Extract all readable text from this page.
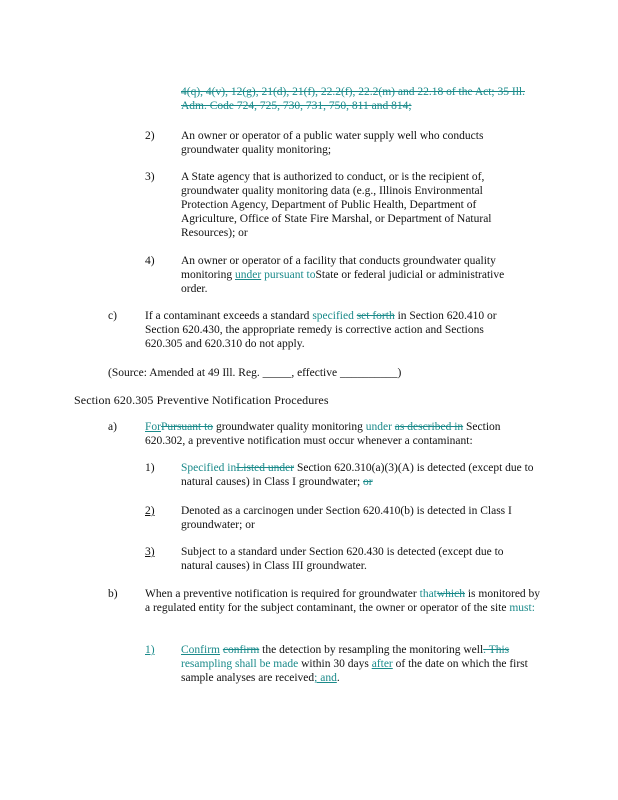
4(q), 4(v), 12(g), 21(d), 21(f), 22.2(f), 22.2(m) and 22.18 of the Act; 35 Ill.
Adm. Code 724, 725, 730, 731, 750, 811 and 814;
2) An owner or operator of a public water supply well who conducts groundwater quality monitoring;
3) A State agency that is authorized to conduct, or is the recipient of, groundwater quality monitoring data (e.g., Illinois Environmental Protection Agency, Department of Public Health, Department of Agriculture, Office of State Fire Marshal, or Department of Natural Resources); or
4) An owner or operator of a facility that conducts groundwater quality monitoring under pursuant toState or federal judicial or administrative order.
c) If a contaminant exceeds a standard specified set forth in Section 620.410 or Section 620.430, the appropriate remedy is corrective action and Sections 620.305 and 620.310 do not apply.
(Source: Amended at 49 Ill. Reg. _____, effective __________)
Section 620.305 Preventive Notification Procedures
a) ForPursuant to groundwater quality monitoring under as described in Section 620.302, a preventive notification must occur whenever a contaminant:
1) Specified inListed under Section 620.310(a)(3)(A) is detected (except due to natural causes) in Class I groundwater; or
2) Denoted as a carcinogen under Section 620.410(b) is detected in Class I groundwater; or
3) Subject to a standard under Section 620.430 is detected (except due to natural causes) in Class III groundwater.
b) When a preventive notification is required for groundwater thatwhich is monitored by a regulated entity for the subject contaminant, the owner or operator of the site must:
1) Confirm confirm the detection by resampling the monitoring well. This resampling shall be made within 30 days after of the date on which the first sample analyses are received; and.
